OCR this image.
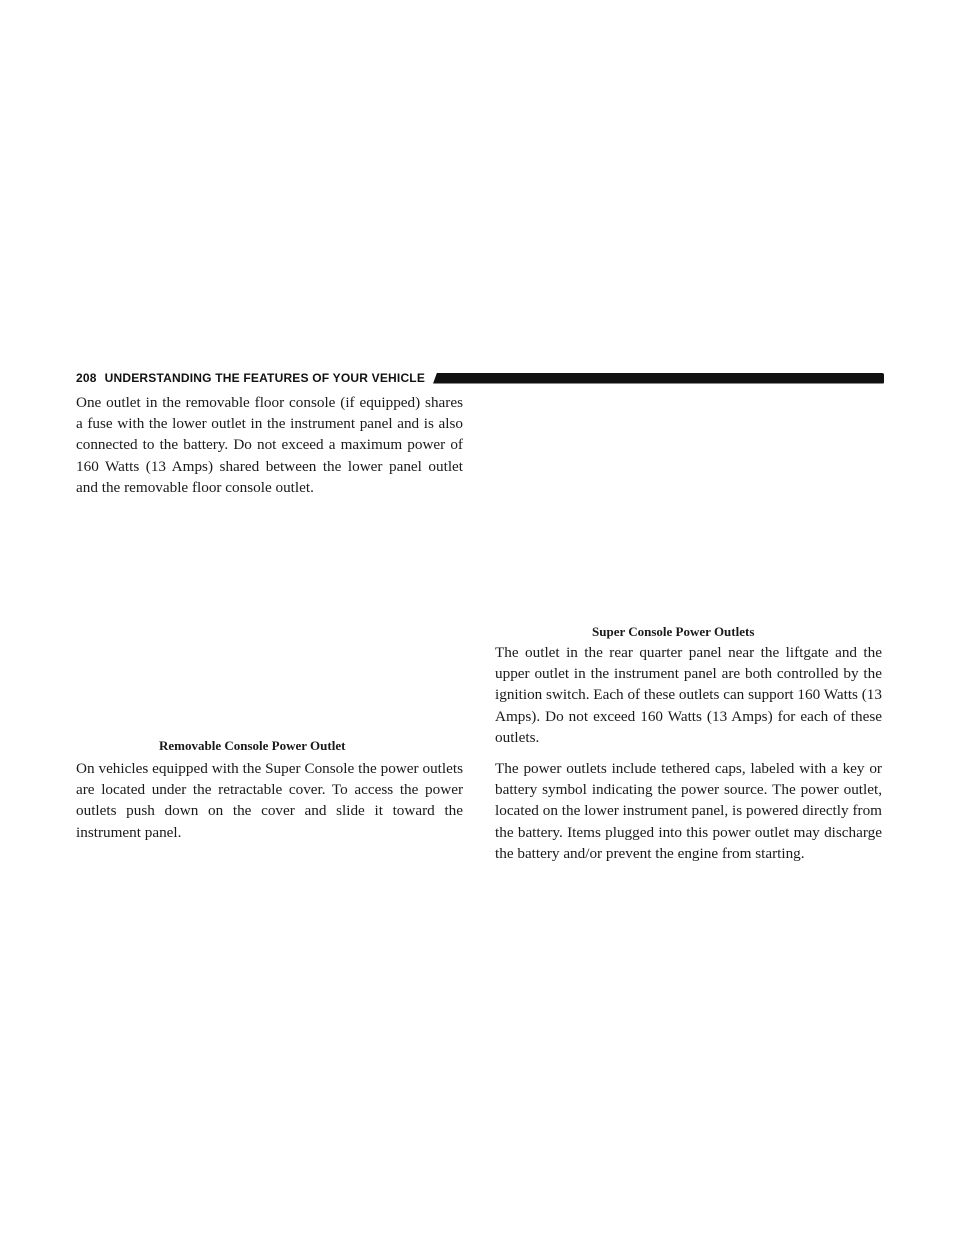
208 UNDERSTANDING THE FEATURES OF YOUR VEHICLE

One outlet in the removable floor console (if equipped) shares a fuse with the lower outlet in the instrument panel and is also connected to the battery. Do not exceed a maximum power of 160 Watts (13 Amps) shared between the lower panel outlet and the removable floor console outlet.

Removable Console Power Outlet

On vehicles equipped with the Super Console the power outlets are located under the retractable cover. To access the power outlets push down on the cover and slide it toward the instrument panel.

Super Console Power Outlets

The outlet in the rear quarter panel near the liftgate and the upper outlet in the instrument panel are both controlled by the ignition switch. Each of these outlets can support 160 Watts (13 Amps). Do not exceed 160 Watts (13 Amps) for each of these outlets.

The power outlets include tethered caps, labeled with a key or battery symbol indicating the power source. The power outlet, located on the lower instrument panel, is powered directly from the battery. Items plugged into this power outlet may discharge the battery and/or prevent the engine from starting.
